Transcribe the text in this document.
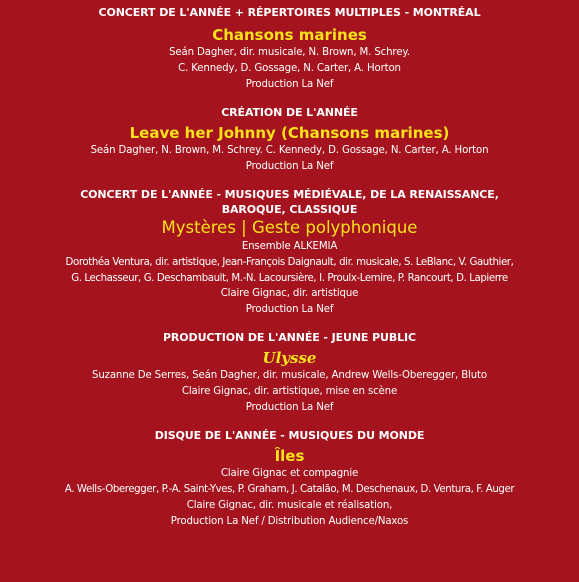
CONCERT DE L'ANNÉE + RÉPERTOIRES MULTIPLES - MONTRÉAL
Chansons marines
Seán Dagher, dir. musicale, N. Brown, M. Schrey.
C. Kennedy, D. Gossage, N. Carter, A. Horton
Production La Nef
CRÉATION DE L'ANNÉE
Leave her Johnny (Chansons marines)
Seán Dagher, N. Brown, M. Schrey. C. Kennedy, D. Gossage, N. Carter, A. Horton
Production La Nef
CONCERT DE L'ANNÉE - MUSIQUES MÉDIÉVALE, DE LA RENAISSANCE,
BAROQUE, CLASSIQUE
Mystères | Geste polyphonique
Ensemble ALKEMIA
Dorothéa Ventura, dir. artistique, Jean-François Daignault, dir. musicale, S. LeBlanc, V. Gauthier,
G. Lechasseur, G. Deschambault, M.-N. Lacoursière, I. Proulx-Lemire, P. Rancourt, D. Lapierre
Claire Gignac, dir. artistique
Production La Nef
PRODUCTION DE L'ANNÉE - JEUNE PUBLIC
Ulysse
Suzanne De Serres, Seán Dagher, dir. musicale, Andrew Wells-Oberegger, Bluto
Claire Gignac, dir. artistique, mise en scène
Production La Nef
DISQUE DE L'ANNÉE - MUSIQUES DU MONDE
Îles
Claire Gignac et compagnie
A. Wells-Oberegger, P.-A. Saint-Yves, P. Graham, J. Catalão, M. Deschenaux, D. Ventura, F. Auger
Claire Gignac, dir. musicale et réalisation,
Production La Nef / Distribution Audience/Naxos
